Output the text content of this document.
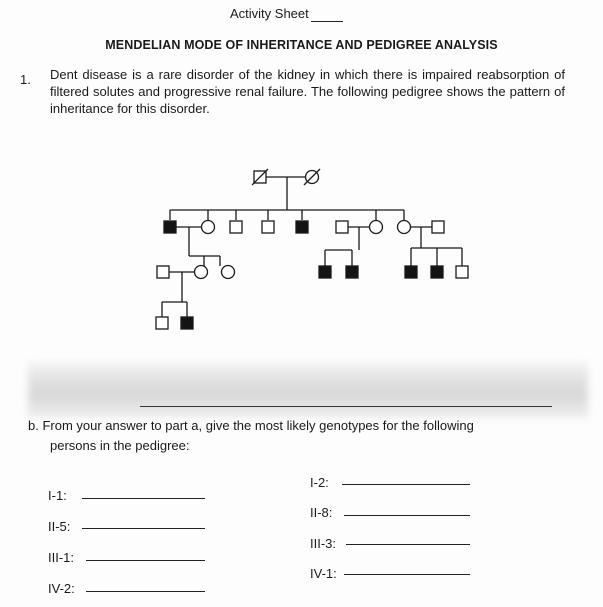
Activity Sheet
MENDELIAN MODE OF INHERITANCE AND PEDIGREE ANALYSIS
1. Dent disease is a rare disorder of the kidney in which there is impaired reabsorption of filtered solutes and progressive renal failure. The following pedigree shows the pattern of inheritance for this disorder.
b. From your answer to part a, give the most likely genotypes for the following
persons in the pedigree:
I-1:
II-5:
III-1:
IV-2:
I-2:
II-8:
III-3:
IV-1:
